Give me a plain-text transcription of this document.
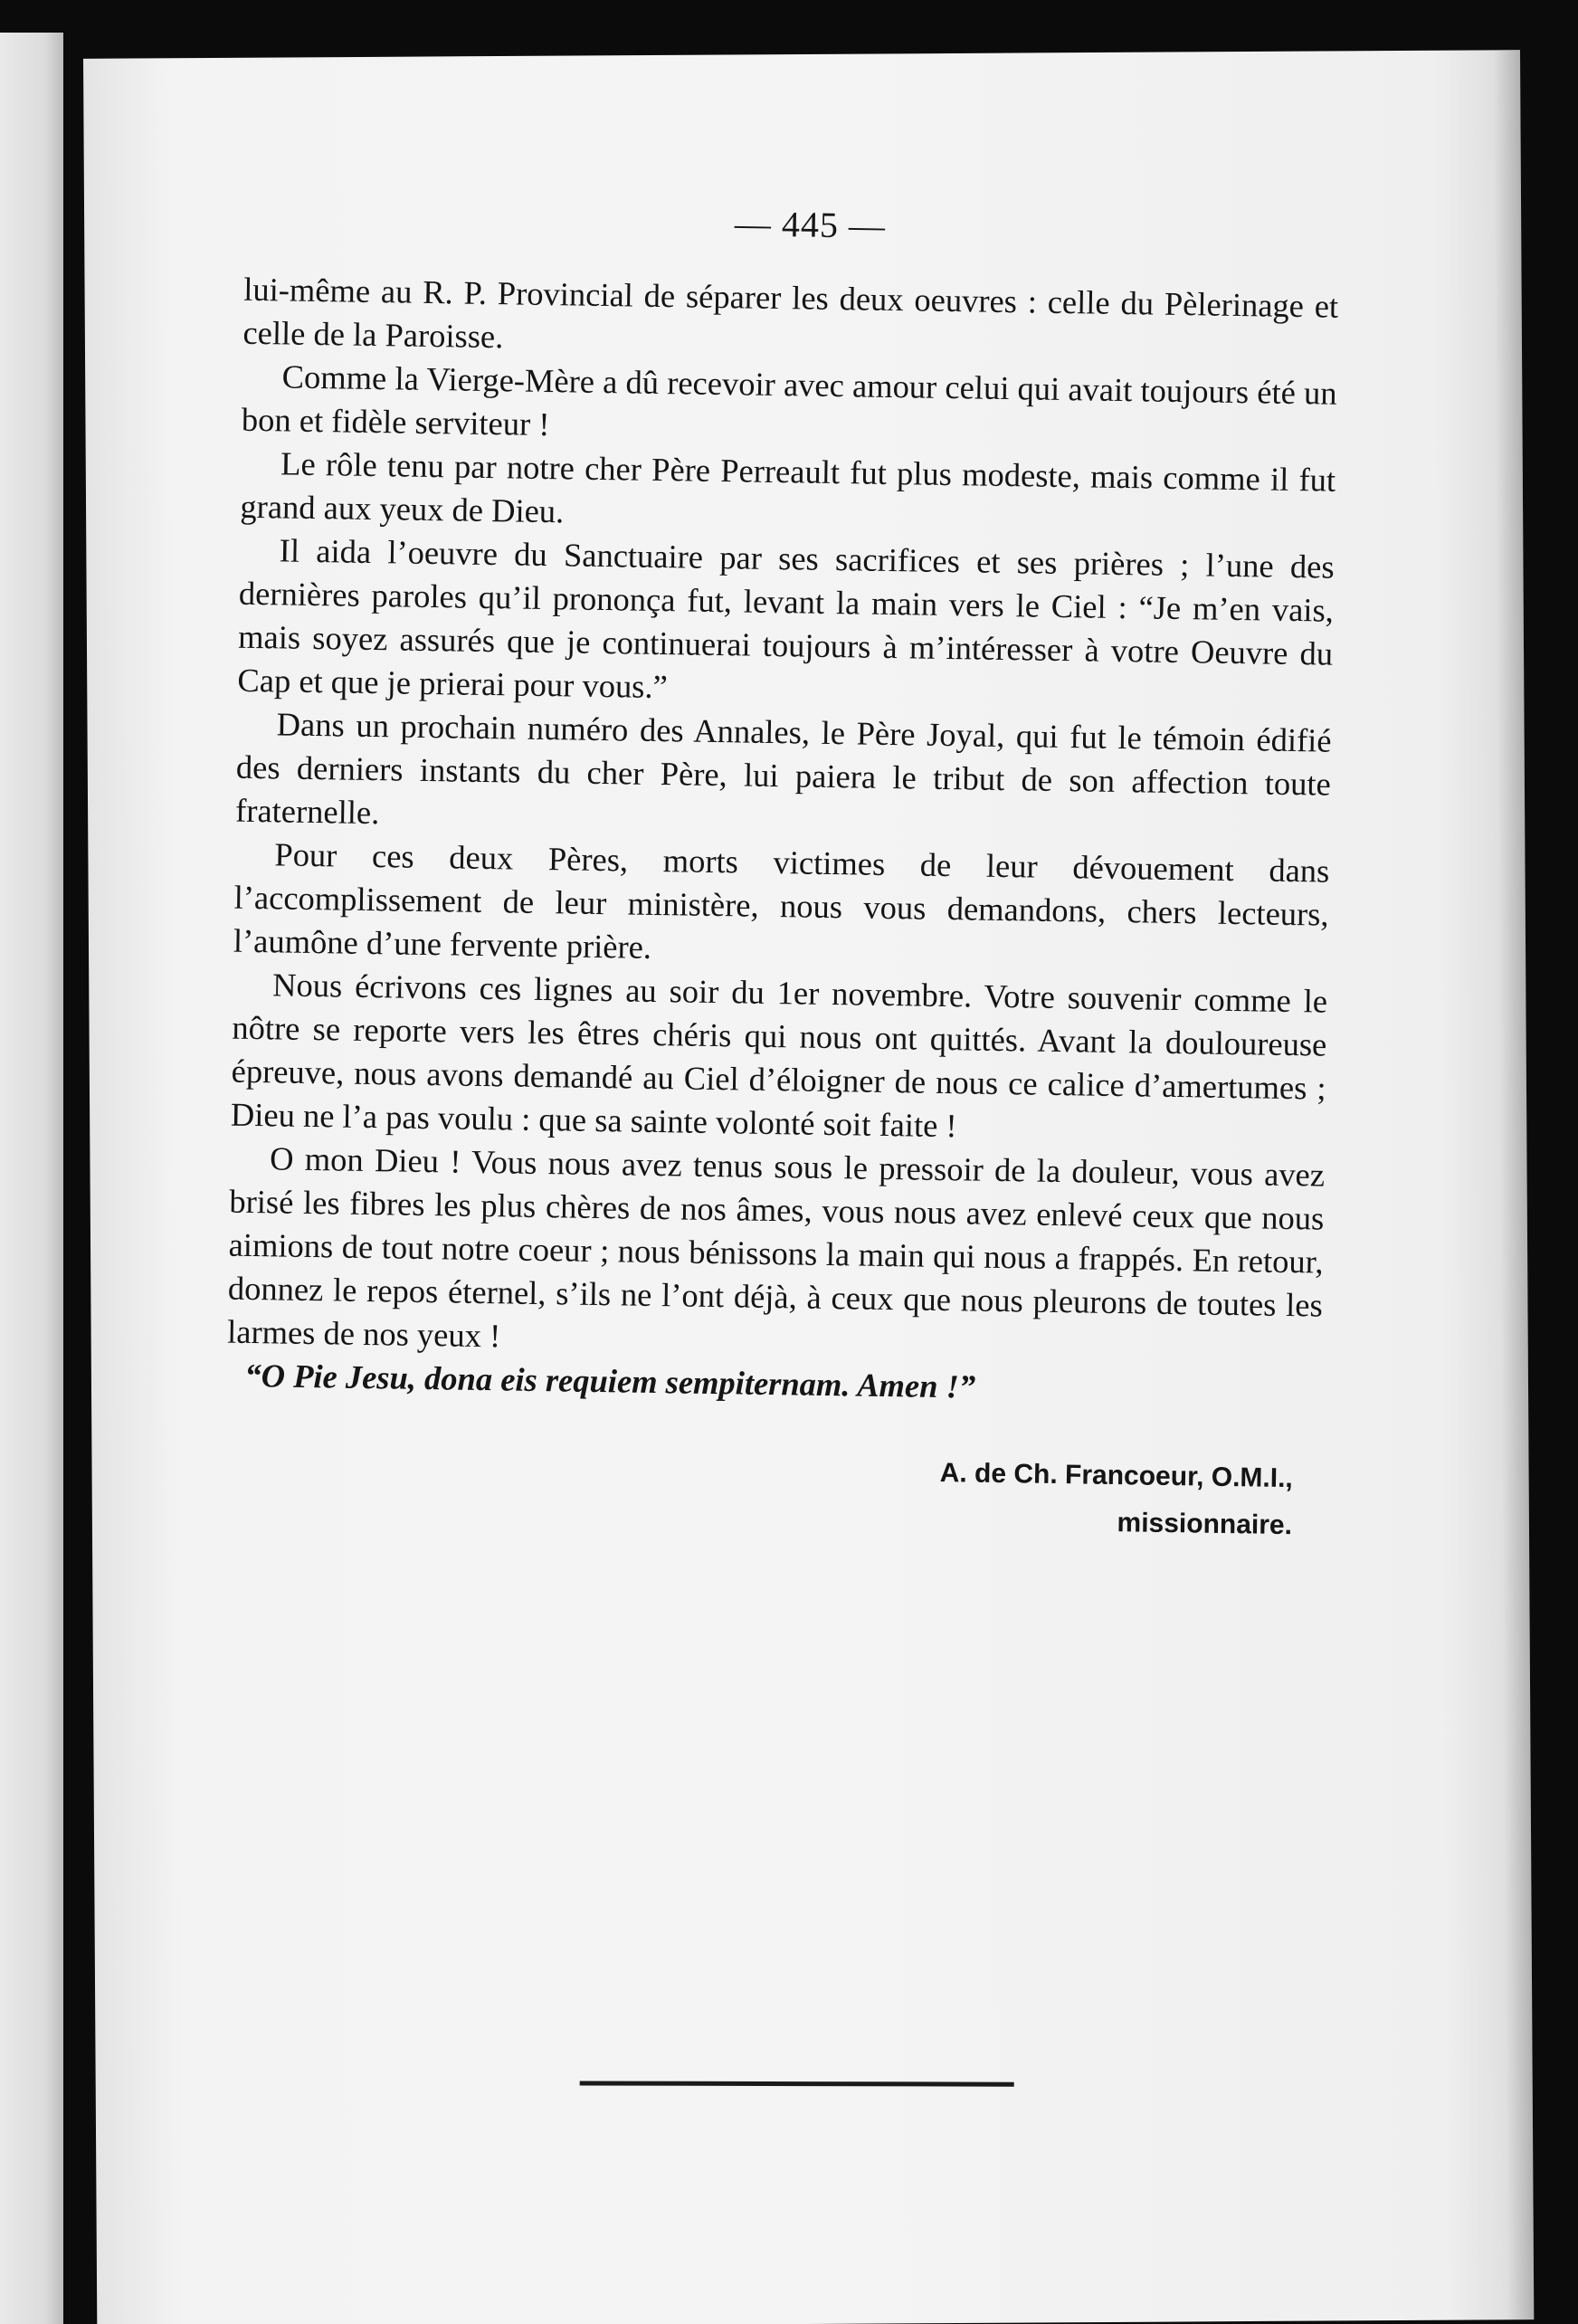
— 445 —

lui-même au R. P. Provincial de séparer les deux oeuvres : celle du Pèlerinage et celle de la Paroisse.

Comme la Vierge-Mère a dû recevoir avec amour celui qui avait toujours été un bon et fidèle serviteur !

Le rôle tenu par notre cher Père Perreault fut plus modeste, mais comme il fut grand aux yeux de Dieu.

Il aida l’oeuvre du Sanctuaire par ses sacrifices et ses prières ; l’une des dernières paroles qu’il prononça fut, levant la main vers le Ciel : “Je m’en vais, mais soyez assurés que je continuerai toujours à m’intéresser à votre Oeuvre du Cap et que je prierai pour vous.”

Dans un prochain numéro des Annales, le Père Joyal, qui fut le témoin édifié des derniers instants du cher Père, lui paiera le tribut de son affection toute fraternelle.

Pour ces deux Pères, morts victimes de leur dévouement dans l’accomplissement de leur ministère, nous vous demandons, chers lecteurs, l’aumône d’une fervente prière.

Nous écrivons ces lignes au soir du 1er novembre. Votre souvenir comme le nôtre se reporte vers les êtres chéris qui nous ont quittés. Avant la douloureuse épreuve, nous avons demandé au Ciel d’éloigner de nous ce calice d’amertumes ; Dieu ne l’a pas voulu : que sa sainte volonté soit faite !

O mon Dieu ! Vous nous avez tenus sous le pressoir de la douleur, vous avez brisé les fibres les plus chères de nos âmes, vous nous avez enlevé ceux que nous aimions de tout notre coeur ; nous bénissons la main qui nous a frappés. En retour, donnez le repos éternel, s’ils ne l’ont déjà, à ceux que nous pleurons de toutes les larmes de nos yeux !

“O Pie Jesu, dona eis requiem sempiternam. Amen !”

A. de Ch. Francoeur, O.M.I.,
missionnaire.
